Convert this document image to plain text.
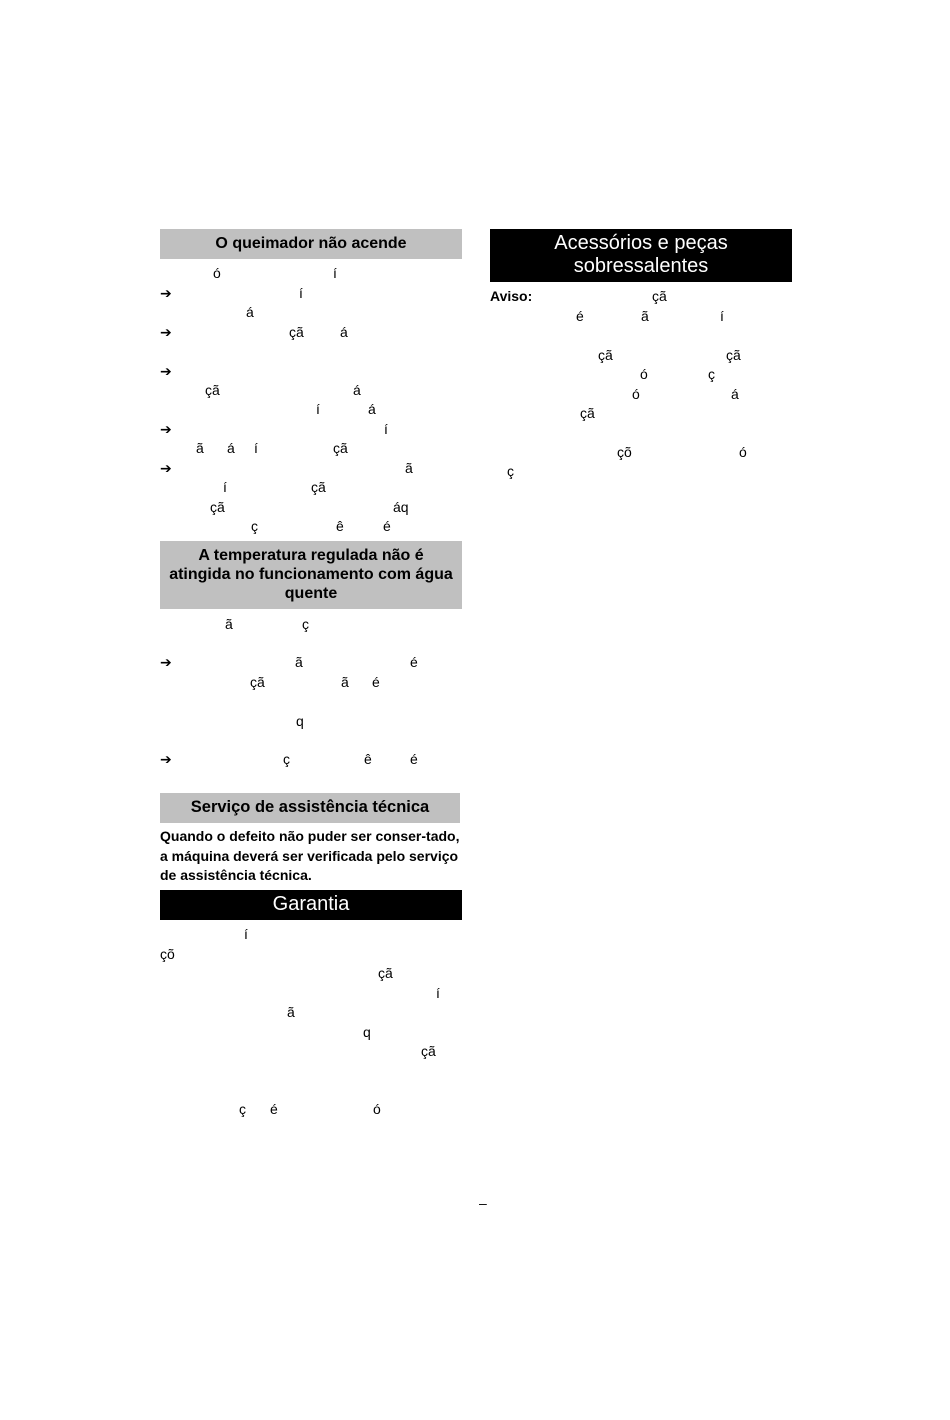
O queimador não acende
ó	í
➔	í
á
➔	çã	á
➔
çã	á
í	á
➔	í
ã á í	çã
➔	ã
í	çã
çã	áq
ç	ê	é
A temperatura regulada não é atingida no funcionamento com água quente
ã	ç
➔	ã	é
çã	ã é
q
➔	ç	ê	é
Serviço de assistência técnica
Quando o defeito não puder ser conser-tado, a máquina deverá ser verificada pelo serviço de assistência técnica.
Garantia
í
çõ
çã
í
ã
q
çã
ç é	ó
Acessórios e peças sobressalentes
Aviso:	çã
é	ã	í
çã	çã
ó	ç
ó	á
çã
çõ	ó
ç
–
